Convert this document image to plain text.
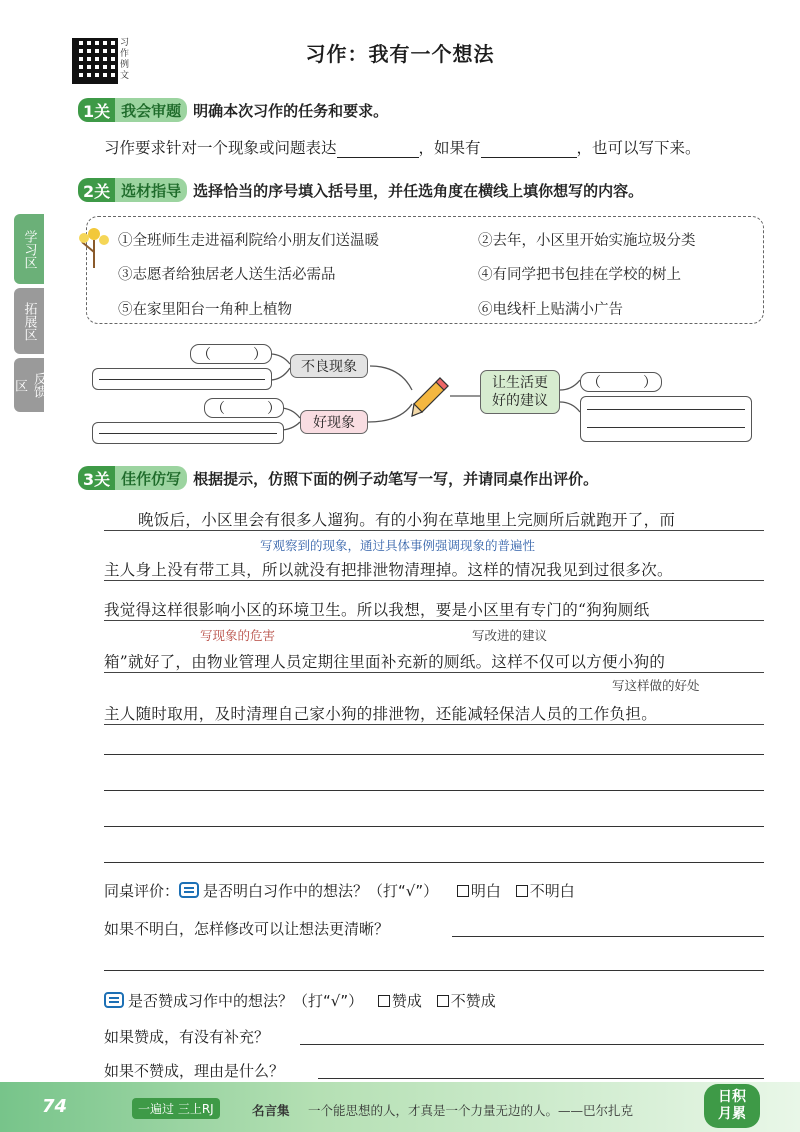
习作例文
习作：我有一个想法
学习区
拓展区
反馈区
1关 我会审题 明确本次习作的任务和要求。
习作要求针对一个现象或问题表达	，如果有	，也可以写下来。
2关 选材指导 选择恰当的序号填入括号里，并任选角度在横线上填你想写的内容。
①全班师生走进福利院给小朋友们送温暖	②去年，小区里开始实施垃圾分类
③志愿者给独居老人送生活必需品	④有同学把书包挂在学校的树上
⑤在家里阳台一角种上植物	⑥电线杆上贴满小广告
（　　　）
不良现象
（　　　）
好现象
让生活更
好的建议
（　　　）
3关 佳作仿写 根据提示，仿照下面的例子动笔写一写，并请同桌作出评价。
晚饭后，小区里会有很多人遛狗。有的小狗在草地里上完厕所后就跑开了，而
写观察到的现象，通过具体事例强调现象的普遍性
主人身上没有带工具，所以就没有把排泄物清理掉。这样的情况我见到过很多次。
我觉得这样很影响小区的环境卫生。所以我想，要是小区里有专门的“狗狗厕纸
写现象的危害	写改进的建议
箱”就好了，由物业管理人员定期往里面补充新的厕纸。这样不仅可以方便小狗的
写这样做的好处
主人随时取用，及时清理自己家小狗的排泄物，还能减轻保洁人员的工作负担。
同桌评价： 是否明白习作中的想法？（打“√”） 明白 不明白
如果不明白，怎样修改可以让想法更清晰？
是否赞成习作中的想法？（打“√”） 赞成 不赞成
如果赞成，有没有补充？
如果不赞成，理由是什么？
74	一遍过 三上RJ	名言集 一个能思想的人，才真是一个力量无边的人。——巴尔扎克
日积
月累
